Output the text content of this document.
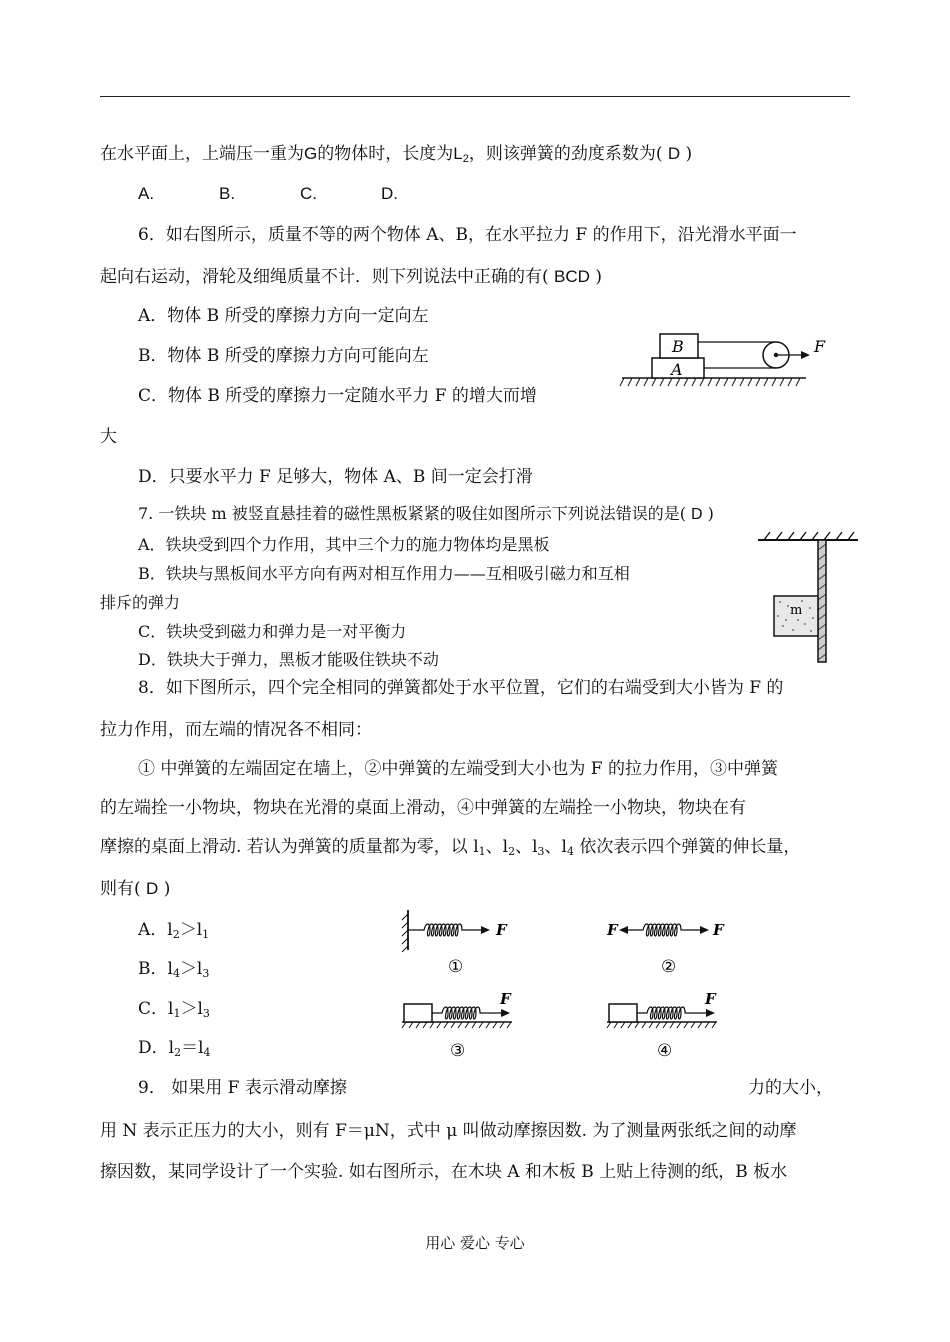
在水平面上，上端压一重为G的物体时，长度为$L_2$，则该弹簧的劲度系数为( D )
A.	B.	C.	D.
6．如右图所示，质量不等的两个物体 A、B，在水平拉力 F 的作用下，沿光滑水平面一
起向右运动，滑轮及细绳质量不计．则下列说法中正确的有( BCD )
A．物体 B 所受的摩擦力方向一定向左
B．物体 B 所受的摩擦力方向可能向左
C．物体 B 所受的摩擦力一定随水平力 F 的增大而增
大
D．只要水平力 F 足够大，物体 A、B 间一定会打滑
A
B	F
7. 一铁块 m 被竖直悬挂着的磁性黑板紧紧的吸住如图所示下列说法错误的是( D )
A．铁块受到四个力作用，其中三个力的施力物体均是黑板
B．铁块与黑板间水平方向有两对相互作用力——互相吸引磁力和互相
排斥的弹力
C．铁块受到磁力和弹力是一对平衡力
D．铁块大于弹力，黑板才能吸住铁块不动
m
8．如下图所示，四个完全相同的弹簧都处于水平位置，它们的右端受到大小皆为 F 的
拉力作用，而左端的情况各不相同：
① 中弹簧的左端固定在墙上，②中弹簧的左端受到大小也为 F 的拉力作用，③中弹簧
的左端拴一小物块，物块在光滑的桌面上滑动，④中弹簧的左端拴一小物块，物块在有
摩擦的桌面上滑动. 若认为弹簧的质量都为零，以 $l_1$、$l_2$、$l_3$、$l_4$ 依次表示四个弹簧的伸长量，
则有( D )
A．$l_2>l_1$
B．$l_4>l_3$
C．$l_1>l_3$
D．$l_2=l_4$
F
①
F	F
②
F
③
F
④
9． 如果用 F 表示滑动摩擦	力的大小，
用 N 表示正压力的大小，则有 F＝μN，式中 μ 叫做动摩擦因数. 为了测量两张纸之间的动摩
擦因数，某同学设计了一个实验. 如右图所示，在木块 A 和木板 B 上贴上待测的纸，B 板水
用心 爱心 专心
